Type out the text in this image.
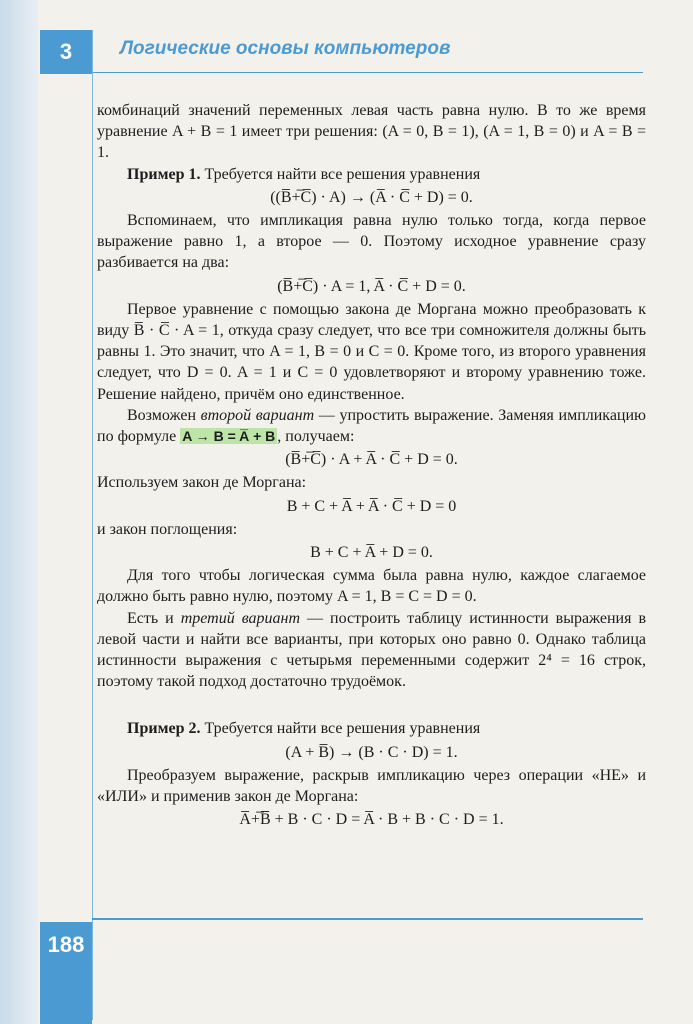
3	Логические основы компьютеров

комбинаций значений переменных левая часть равна нулю. В то же время уравнение A + B = 1 имеет три решения: (A = 0, B = 1), (A = 1, B = 0) и A = B = 1.

Пример 1. Требуется найти все решения уравнения

((B̅+̅C̅) · A) → (A̅ · C̅ + D) = 0.

Вспоминаем, что импликация равна нулю только тогда, когда первое выражение равно 1, а второе — 0. Поэтому исходное уравнение сразу разбивается на два:

(B̅+̅C̅) · A = 1, A̅ · C̅ + D = 0.

Первое уравнение с помощью закона де Моргана можно преобразовать к виду B̅ · C̅ · A = 1, откуда сразу следует, что все три сомножителя должны быть равны 1. Это значит, что A = 1, B = 0 и C = 0. Кроме того, из второго уравнения следует, что D = 0. A = 1 и C = 0 удовлетворяют и второму уравнению тоже. Решение найдено, причём оно единственное.

Возможен второй вариант — упростить выражение. Заменяя импликацию по формуле A → B = A̅ + B , получаем:

(B̅+̅C̅) · A + A̅ · C̅ + D = 0.

Используем закон де Моргана:

B + C + A̅ + A̅ · C̅ + D = 0

и закон поглощения:

B + C + A̅ + D = 0.

Для того чтобы логическая сумма была равна нулю, каждое слагаемое должно быть равно нулю, поэтому A = 1, B = C = D = 0.

Есть и третий вариант — построить таблицу истинности выражения в левой части и найти все варианты, при которых оно равно 0. Однако таблица истинности выражения с четырьмя переменными содержит 2⁴ = 16 строк, поэтому такой подход достаточно трудоёмок.

Пример 2. Требуется найти все решения уравнения

(A + B̅) → (B · C · D) = 1.

Преобразуем выражение, раскрыв импликацию через операции «НЕ» и «ИЛИ» и применив закон де Моргана:

A̅+̅B̅̅ + B · C · D = A̅ · B + B · C · D = 1.

188
